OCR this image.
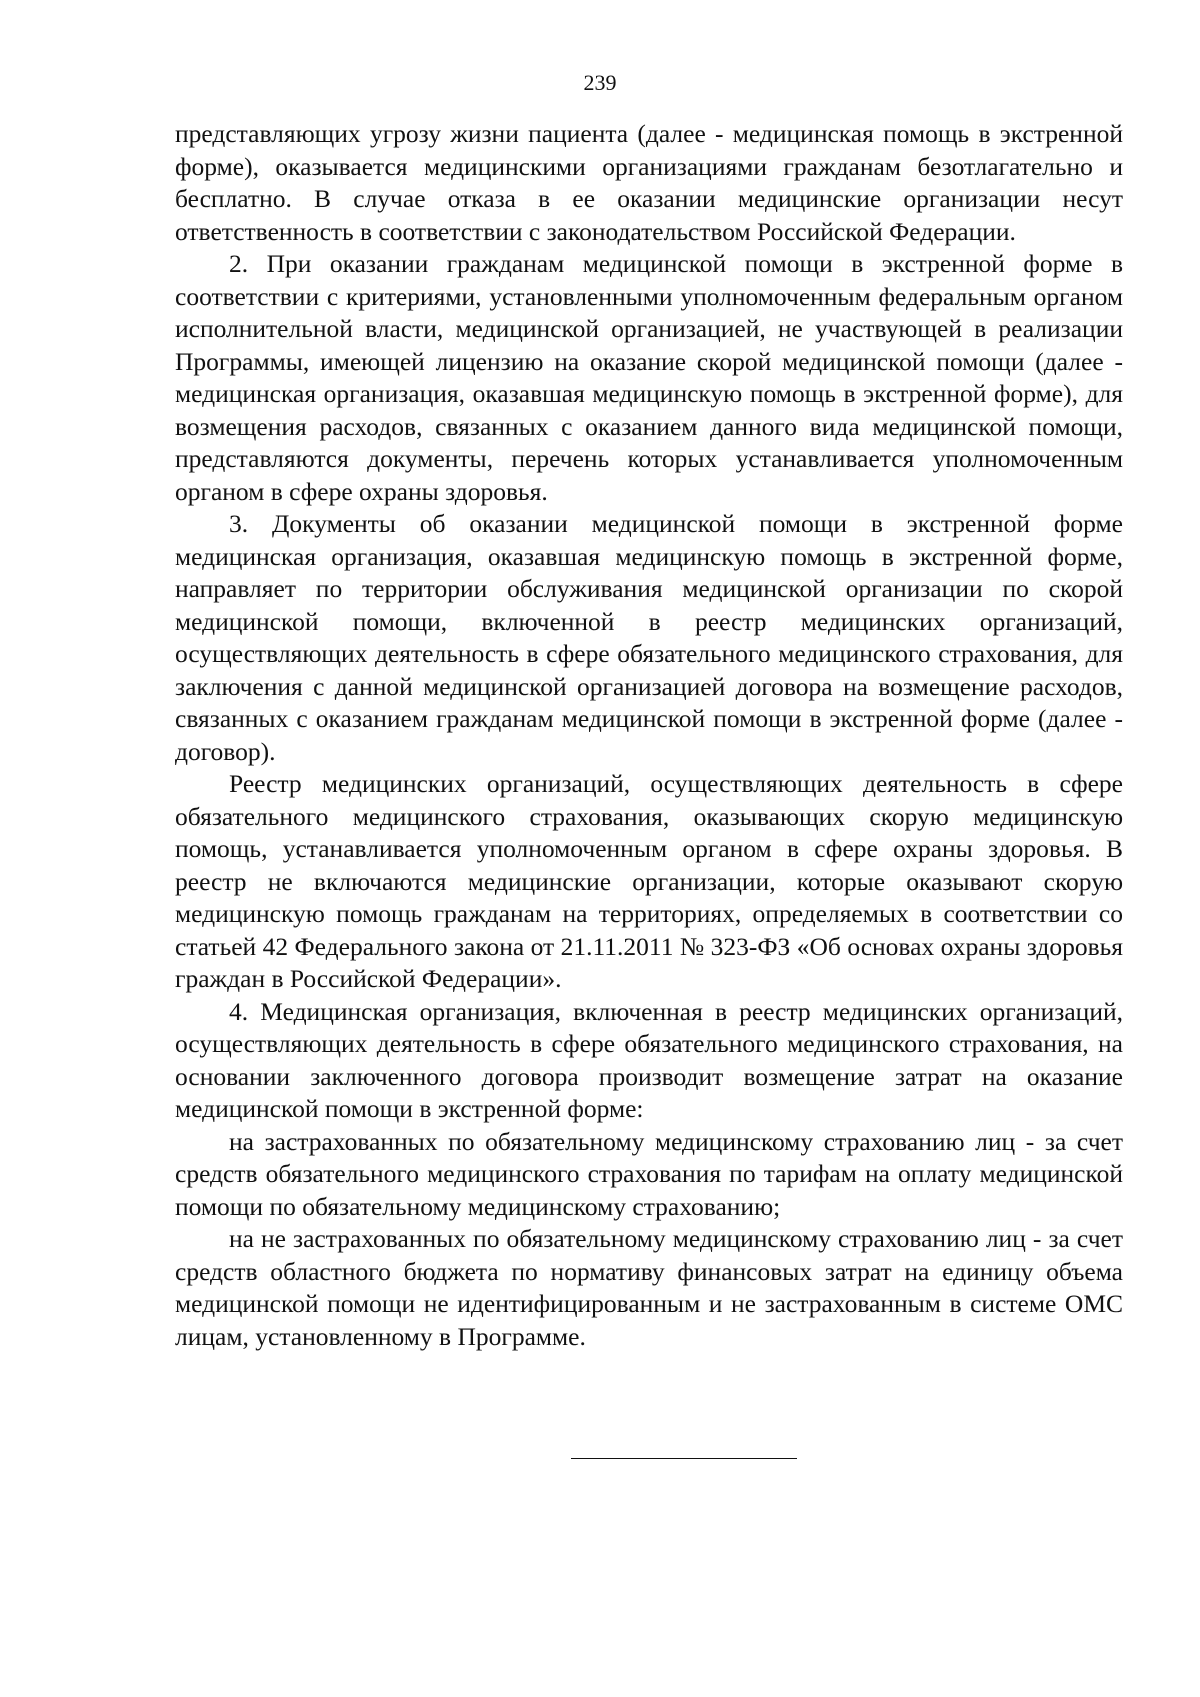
239

представляющих угрозу жизни пациента (далее - медицинская помощь в экстренной форме), оказывается медицинскими организациями гражданам безотлагательно и бесплатно. В случае отказа в ее оказании медицинские организации несут ответственность в соответствии с законодательством Российской Федерации.

2. При оказании гражданам медицинской помощи в экстренной форме в соответствии с критериями, установленными уполномоченным федеральным органом исполнительной власти, медицинской организацией, не участвующей в реализации Программы, имеющей лицензию на оказание скорой медицинской помощи (далее - медицинская организация, оказавшая медицинскую помощь в экстренной форме), для возмещения расходов, связанных с оказанием данного вида медицинской помощи, представляются документы, перечень которых устанавливается уполномоченным органом в сфере охраны здоровья.

3. Документы об оказании медицинской помощи в экстренной форме медицинская организация, оказавшая медицинскую помощь в экстренной форме, направляет по территории обслуживания медицинской организации по скорой медицинской помощи, включенной в реестр медицинских организаций, осуществляющих деятельность в сфере обязательного медицинского страхования, для заключения с данной медицинской организацией договора на возмещение расходов, связанных с оказанием гражданам медицинской помощи в экстренной форме (далее - договор).

Реестр медицинских организаций, осуществляющих деятельность в сфере обязательного медицинского страхования, оказывающих скорую медицинскую помощь, устанавливается уполномоченным органом в сфере охраны здоровья. В реестр не включаются медицинские организации, которые оказывают скорую медицинскую помощь гражданам на территориях, определяемых в соответствии со статьей 42 Федерального закона от 21.11.2011 № 323-ФЗ «Об основах охраны здоровья граждан в Российской Федерации».

4. Медицинская организация, включенная в реестр медицинских организаций, осуществляющих деятельность в сфере обязательного медицинского страхования, на основании заключенного договора производит возмещение затрат на оказание медицинской помощи в экстренной форме:

на застрахованных по обязательному медицинскому страхованию лиц - за счет средств обязательного медицинского страхования по тарифам на оплату медицинской помощи по обязательному медицинскому страхованию;

на не застрахованных по обязательному медицинскому страхованию лиц - за счет средств областного бюджета по нормативу финансовых затрат на единицу объема медицинской помощи не идентифицированным и не застрахованным в системе ОМС лицам, установленному в Программе.
